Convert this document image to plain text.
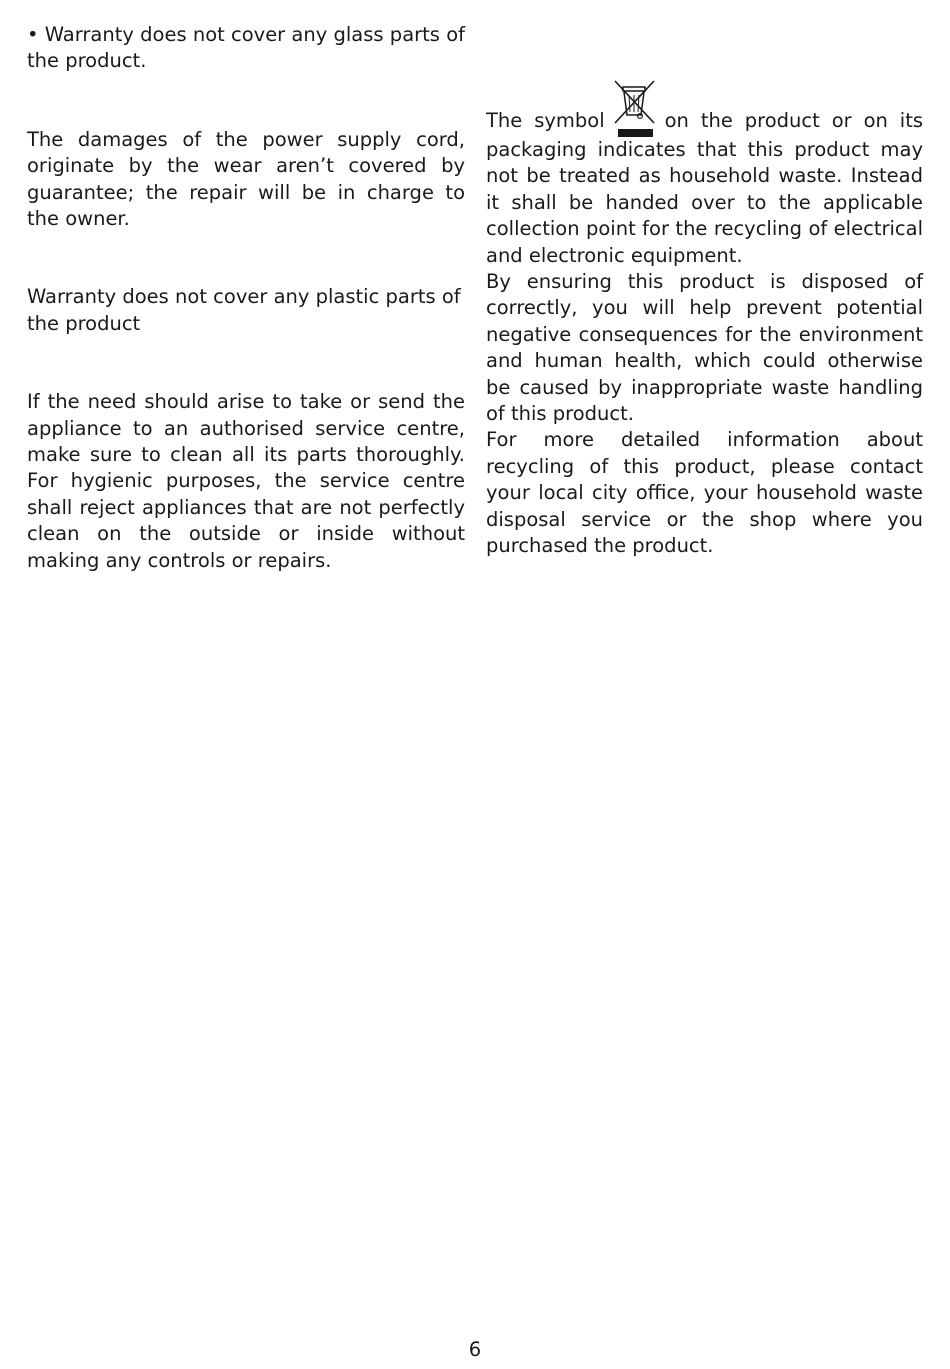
• Warranty does not cover any glass parts of the product.

The damages of the power supply cord, originate by the wear aren’t covered by guarantee; the repair will be in charge to the owner.

Warranty does not cover any plastic parts of the product

If the need should arise to take or send the appliance to an authorised service centre, make sure to clean all its parts thoroughly. For hygienic purposes, the service centre shall reject appliances that are not perfectly clean on the outside or inside without making any controls or repairs.

The symbol	on the product or on its packaging indicates that this product may not be treated as household waste. Instead it shall be handed over to the applicable collection point for the recycling of electrical and electronic equipment.

By ensuring this product is disposed of correctly, you will help prevent potential negative consequences for the environment and human health, which could otherwise be caused by inappropriate waste handling of this product.

For more detailed information about recycling of this product, please contact your local city office, your household waste disposal service or the shop where you purchased the product.

6
